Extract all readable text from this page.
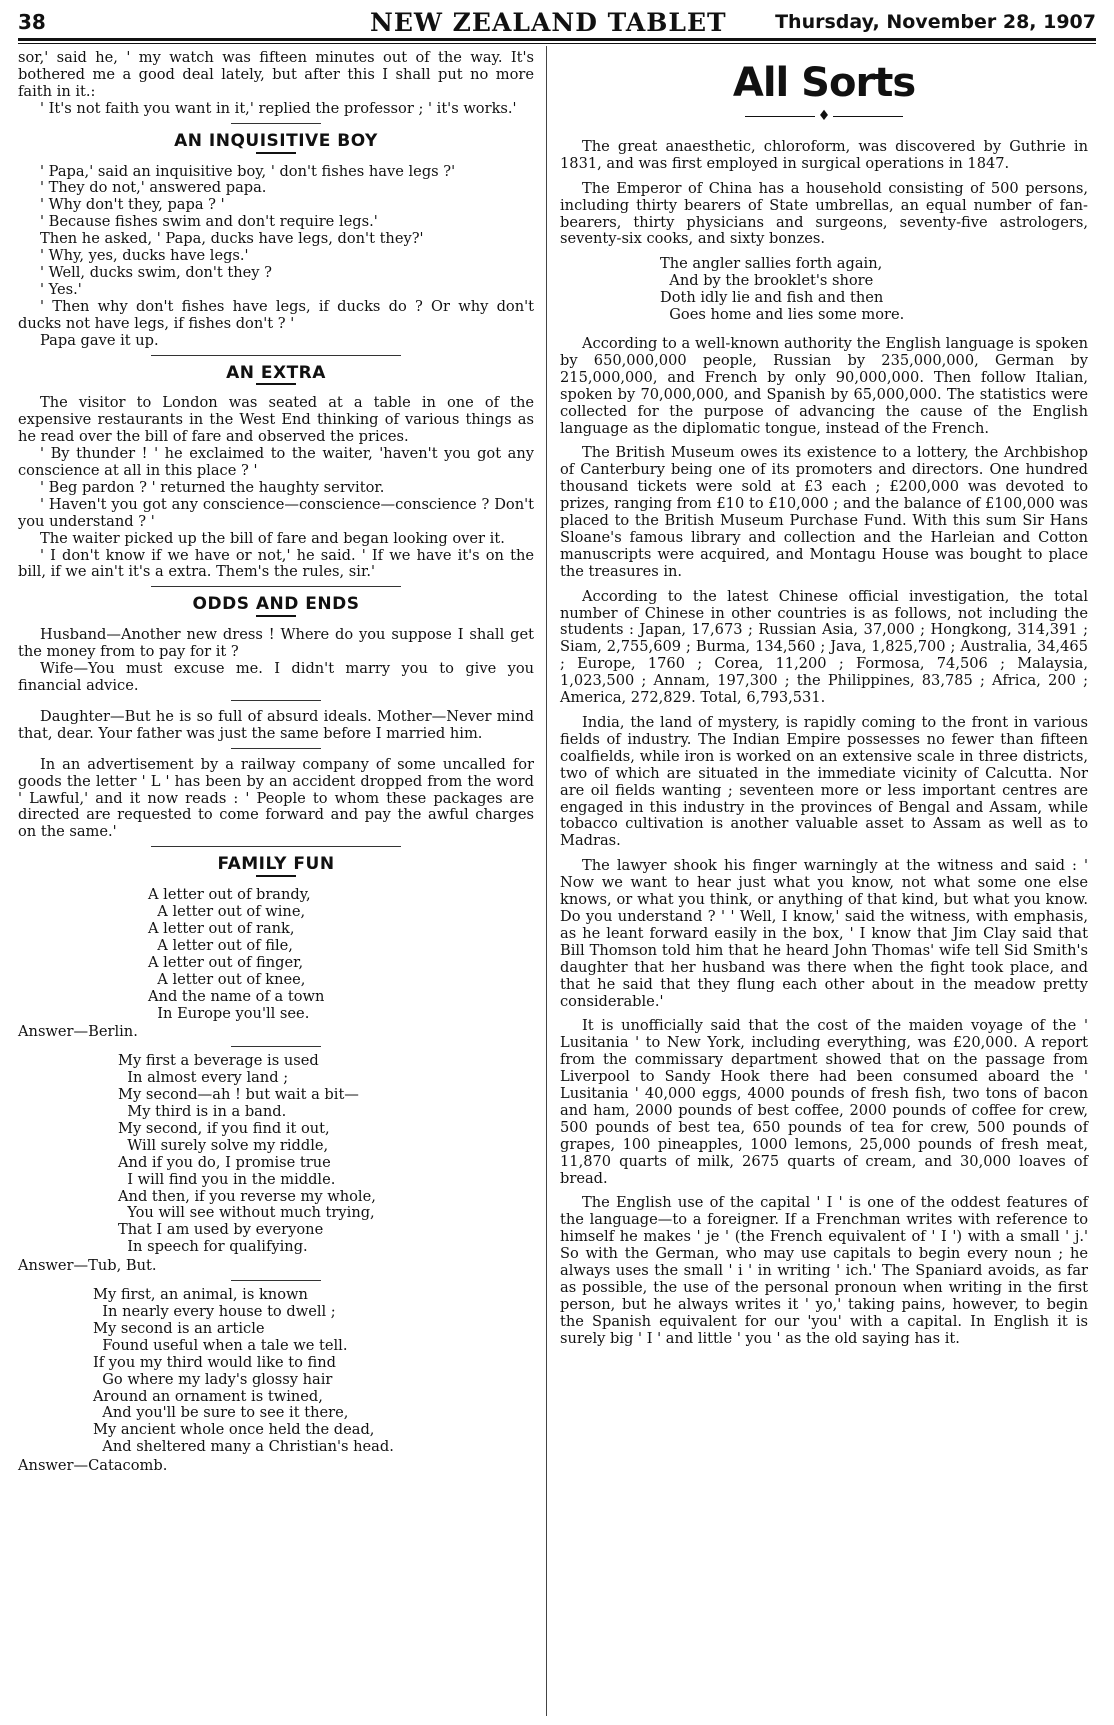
38	NEW ZEALAND TABLET	Thursday, November 28, 1907

sor,' said he, ' my watch was fifteen minutes out of the way. It's bothered me a good deal lately, but after this I shall put no more faith in it.:

' It's not faith you want in it,' replied the professor ; ' it's works.'

AN INQUISITIVE BOY

' Papa,' said an inquisitive boy, ' don't fishes have legs ?'

' They do not,' answered papa.

' Why don't they, papa ? '

' Because fishes swim and don't require legs.'

Then he asked, ' Papa, ducks have legs, don't they?'

' Why, yes, ducks have legs.'

' Well, ducks swim, don't they ?

' Yes.'

' Then why don't fishes have legs, if ducks do ? Or why don't ducks not have legs, if fishes don't ? '

Papa gave it up.

AN EXTRA

The visitor to London was seated at a table in one of the expensive restaurants in the West End thinking of various things as he read over the bill of fare and observed the prices.

' By thunder ! ' he exclaimed to the waiter, 'haven't you got any conscience at all in this place ? '

' Beg pardon ? ' returned the haughty servitor.

' Haven't you got any conscience—conscience—conscience ? Don't you understand ? '

The waiter picked up the bill of fare and began looking over it.

' I don't know if we have or not,' he said. ' If we have it's on the bill, if we ain't it's a extra. Them's the rules, sir.'

ODDS AND ENDS

Husband—Another new dress ! Where do you suppose I shall get the money from to pay for it ?

Wife—You must excuse me. I didn't marry you to give you financial advice.

Daughter—But he is so full of absurd ideals. Mother—Never mind that, dear. Your father was just the same before I married him.

In an advertisement by a railway company of some uncalled for goods the letter ' L ' has been by an accident dropped from the word ' Lawful,' and it now reads : ' People to whom these packages are directed are requested to come forward and pay the awful charges on the same.'

FAMILY FUN
A letter out of brandy,
A letter out of wine,
A letter out of rank,
A letter out of file,
A letter out of finger,
A letter out of knee,
And the name of a town
In Europe you'll see.

Answer—Berlin.

My first a beverage is used
In almost every land ;
My second—ah ! but wait a bit—
My third is in a band.
My second, if you find it out,
Will surely solve my riddle,
And if you do, I promise true
I will find you in the middle.
And then, if you reverse my whole,
You will see without much trying,
That I am used by everyone
In speech for qualifying.

Answer—Tub, But.

My first, an animal, is known
In nearly every house to dwell ;
My second is an article
Found useful when a tale we tell.
If you my third would like to find
Go where my lady's glossy hair
Around an ornament is twined,
And you'll be sure to see it there,
My ancient whole once held the dead,
And sheltered many a Christian's head.

Answer—Catacomb.

All Sorts
♦

The great anaesthetic, chloroform, was discovered by Guthrie in 1831, and was first employed in surgical operations in 1847.

The Emperor of China has a household consisting of 500 persons, including thirty bearers of State umbrellas, an equal number of fan-bearers, thirty physicians and surgeons, seventy-five astrologers, seventy-six cooks, and sixty bonzes.

The angler sallies forth again,
And by the brooklet's shore
Doth idly lie and fish and then
Goes home and lies some more.

According to a well-known authority the English language is spoken by 650,000,000 people, Russian by 235,000,000, German by 215,000,000, and French by only 90,000,000. Then follow Italian, spoken by 70,000,000, and Spanish by 65,000,000. The statistics were collected for the purpose of advancing the cause of the English language as the diplomatic tongue, instead of the French.

The British Museum owes its existence to a lottery, the Archbishop of Canterbury being one of its promoters and directors. One hundred thousand tickets were sold at £3 each ; £200,000 was devoted to prizes, ranging from £10 to £10,000 ; and the balance of £100,000 was placed to the British Museum Purchase Fund. With this sum Sir Hans Sloane's famous library and collection and the Harleian and Cotton manuscripts were acquired, and Montagu House was bought to place the treasures in.

According to the latest Chinese official investigation, the total number of Chinese in other countries is as follows, not including the students : Japan, 17,673 ; Russian Asia, 37,000 ; Hongkong, 314,391 ; Siam, 2,755,609 ; Burma, 134,560 ; Java, 1,825,700 ; Australia, 34,465 ; Europe, 1760 ; Corea, 11,200 ; Formosa, 74,506 ; Malaysia, 1,023,500 ; Annam, 197,300 ; the Philippines, 83,785 ; Africa, 200 ; America, 272,829. Total, 6,793,531.

India, the land of mystery, is rapidly coming to the front in various fields of industry. The Indian Empire possesses no fewer than fifteen coalfields, while iron is worked on an extensive scale in three districts, two of which are situated in the immediate vicinity of Calcutta. Nor are oil fields wanting ; seventeen more or less important centres are engaged in this industry in the provinces of Bengal and Assam, while tobacco cultivation is another valuable asset to Assam as well as to Madras.

The lawyer shook his finger warningly at the witness and said : ' Now we want to hear just what you know, not what some one else knows, or what you think, or anything of that kind, but what you know. Do you understand ? ' ' Well, I know,' said the witness, with emphasis, as he leant forward easily in the box, ' I know that Jim Clay said that Bill Thomson told him that he heard John Thomas' wife tell Sid Smith's daughter that her husband was there when the fight took place, and that he said that they flung each other about in the meadow pretty considerable.'

It is unofficially said that the cost of the maiden voyage of the ' Lusitania ' to New York, including everything, was £20,000. A report from the commissary department showed that on the passage from Liverpool to Sandy Hook there had been consumed aboard the ' Lusitania ' 40,000 eggs, 4000 pounds of fresh fish, two tons of bacon and ham, 2000 pounds of best coffee, 2000 pounds of coffee for crew, 500 pounds of best tea, 650 pounds of tea for crew, 500 pounds of grapes, 100 pineapples, 1000 lemons, 25,000 pounds of fresh meat, 11,870 quarts of milk, 2675 quarts of cream, and 30,000 loaves of bread.

The English use of the capital ' I ' is one of the oddest features of the language—to a foreigner. If a Frenchman writes with reference to himself he makes ' je ' (the French equivalent of ' I ') with a small ' j.' So with the German, who may use capitals to begin every noun ; he always uses the small ' i ' in writing ' ich.' The Spaniard avoids, as far as possible, the use of the personal pronoun when writing in the first person, but he always writes it ' yo,' taking pains, however, to begin the Spanish equivalent for our 'you' with a capital. In English it is surely big ' I ' and little ' you ' as the old saying has it.
